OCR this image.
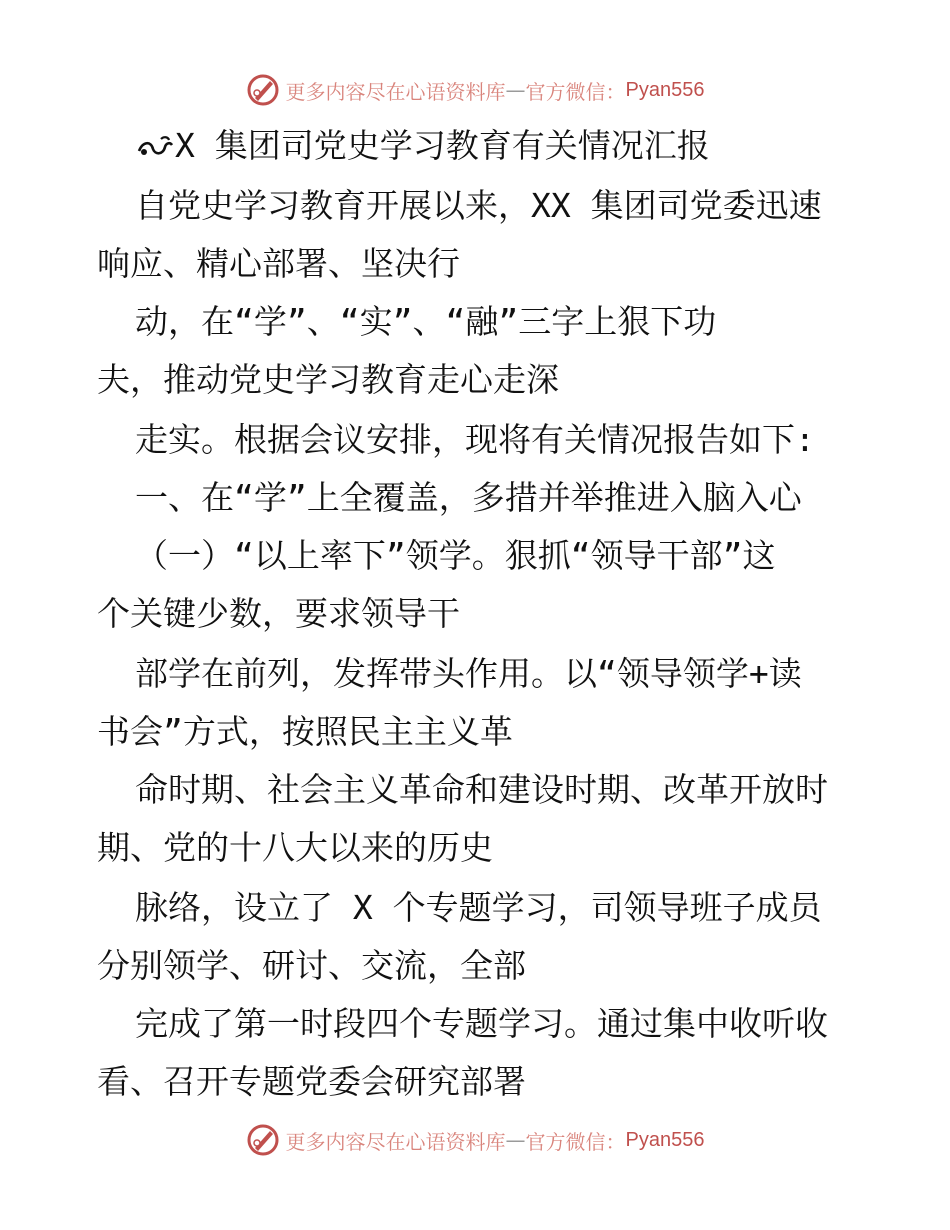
更多内容尽在心语资料库 — 官方微信： Pyan556
X 集团司党史学习教育有关情况汇报
自党史学习教育开展以来，XX 集团司党委迅速
响应、精心部署、坚决行
动，在“学”、“实”、“融”三字上狠下功
夫，推动党史学习教育走心走深
走实。根据会议安排，现将有关情况报告如下:
一、在“学”上全覆盖，多措并举推进入脑入心
（一）“以上率下”领学。狠抓“领导干部”这
个关键少数，要求领导干
部学在前列，发挥带头作用。以“领导领学+读
书会”方式，按照民主主义革
命时期、社会主义革命和建设时期、改革开放时
期、党的十八大以来的历史
脉络，设立了 X 个专题学习，司领导班子成员
分别领学、研讨、交流，全部
完成了第一时段四个专题学习。通过集中收听收
看、召开专题党委会研究部署
更多内容尽在心语资料库 — 官方微信： Pyan556
